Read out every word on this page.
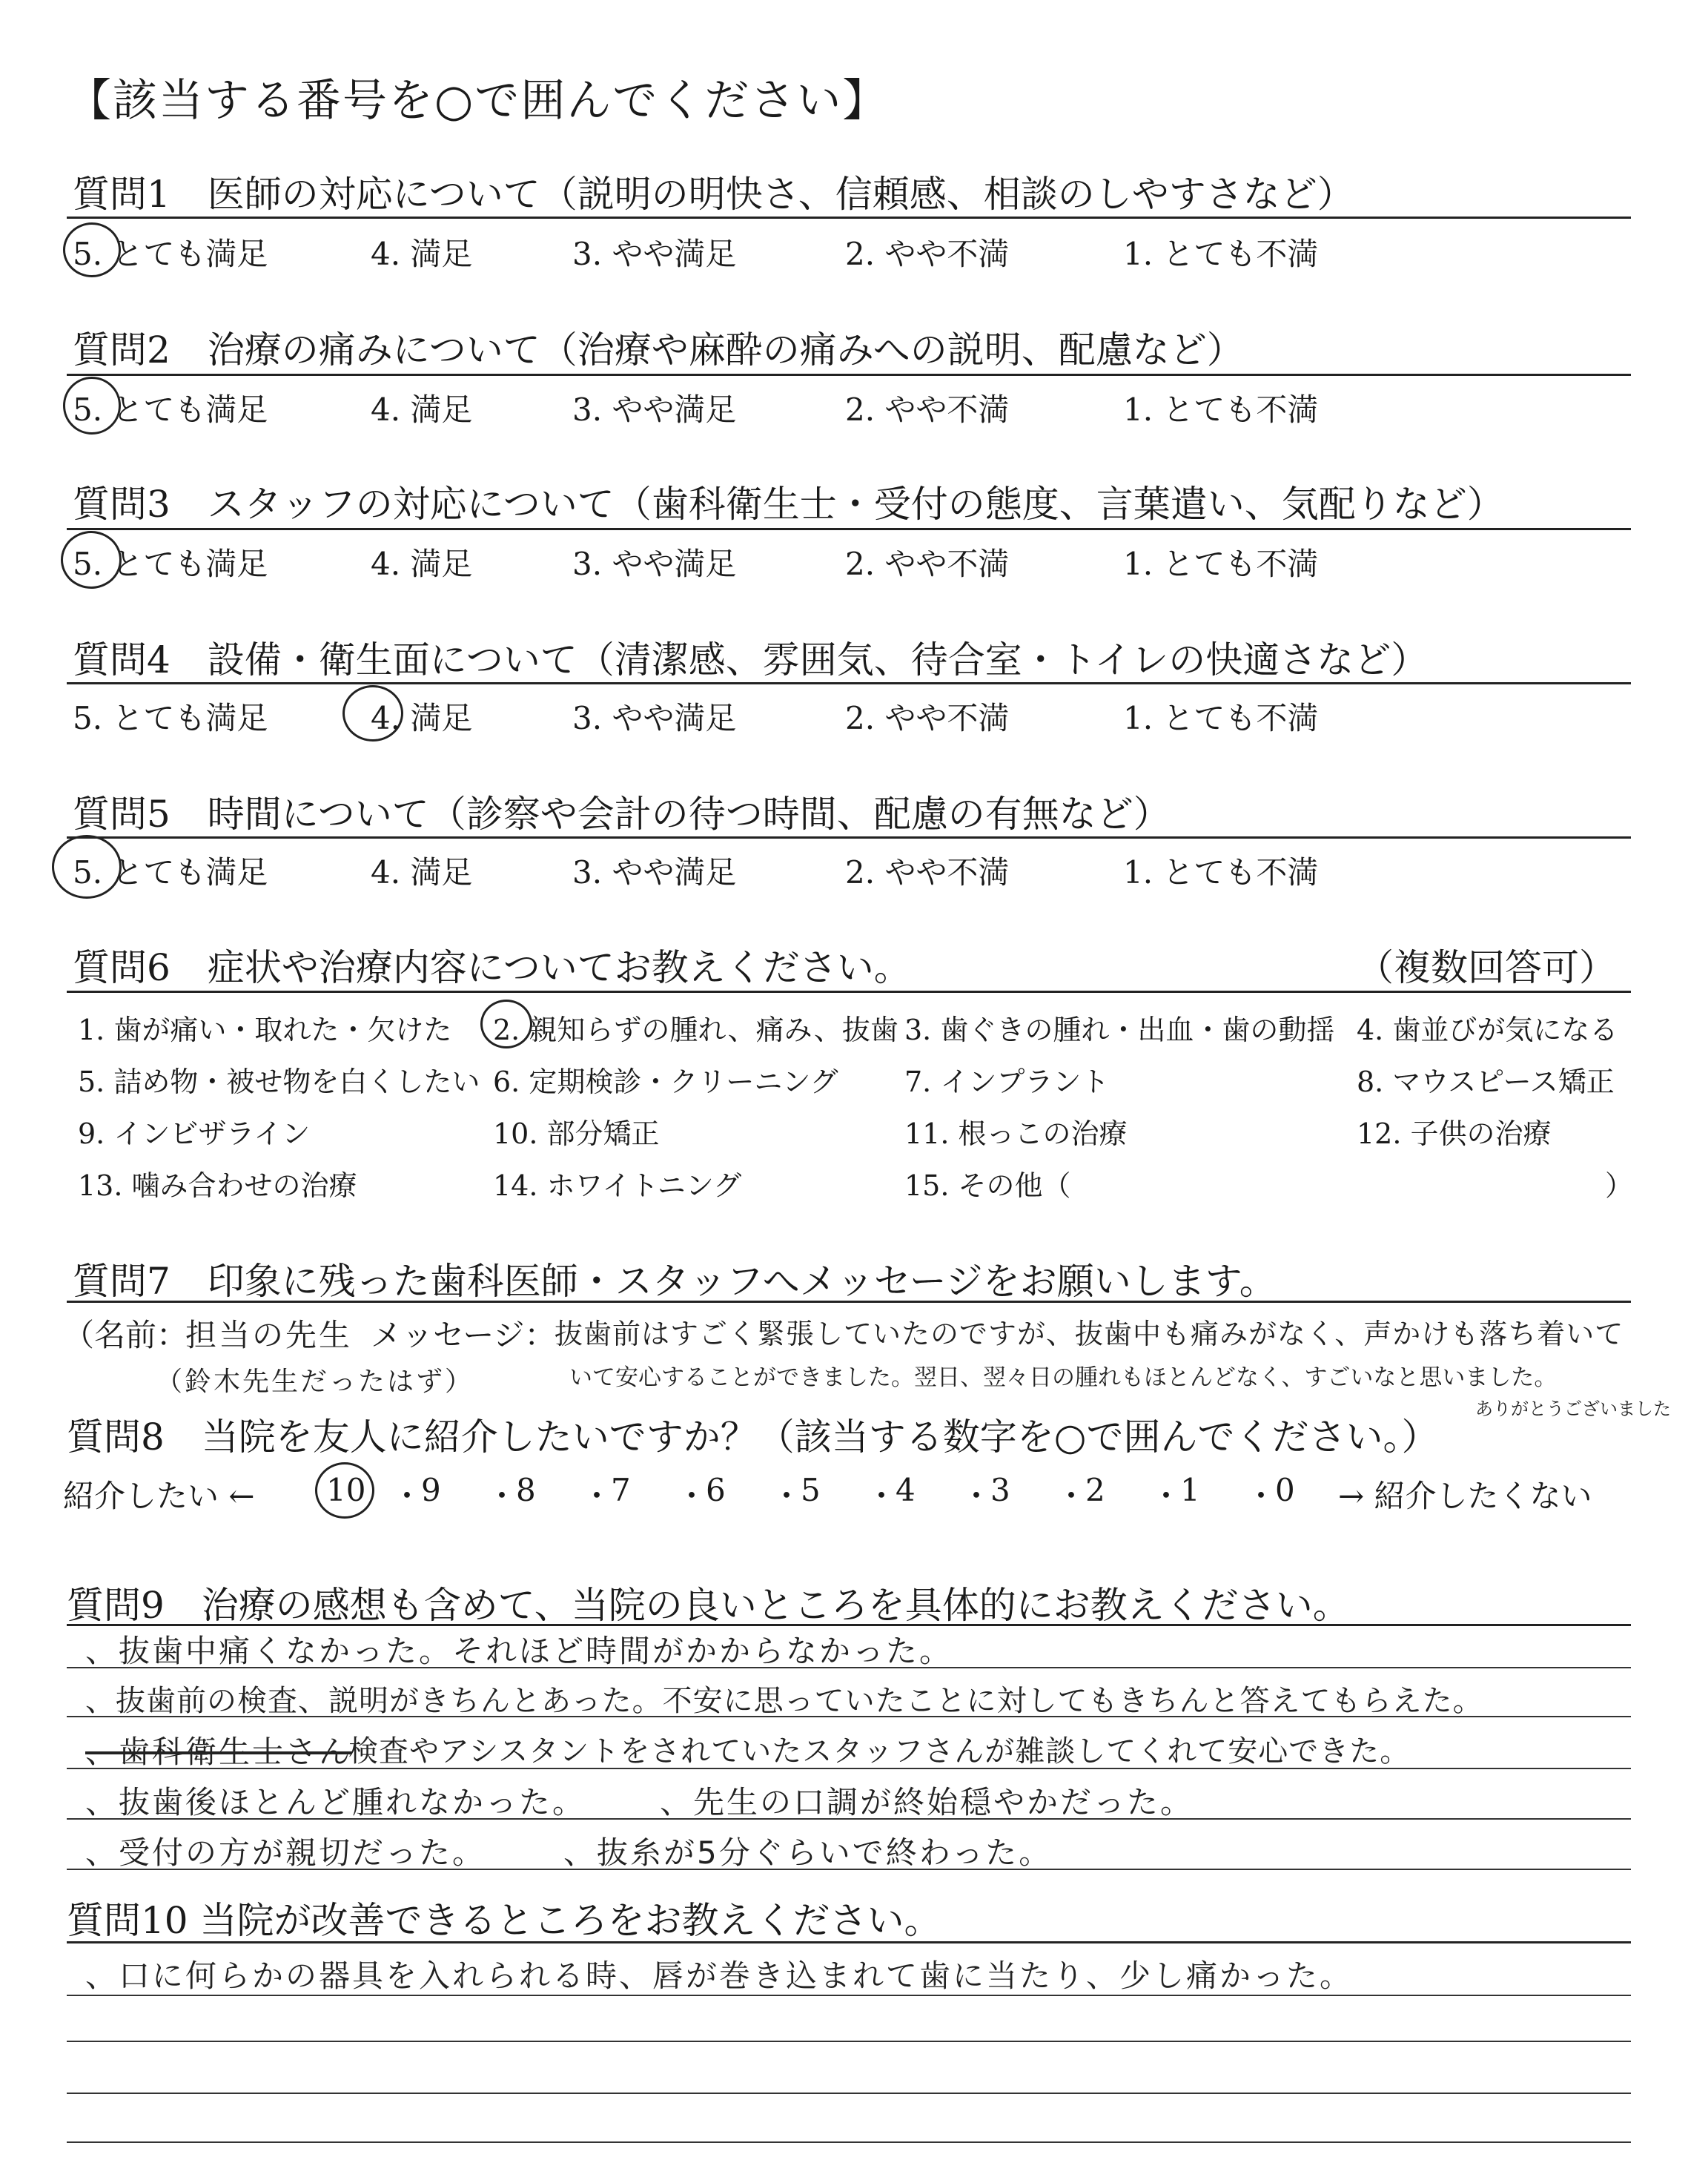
【該当する番号を○で囲んでください】
質問1　医師の対応について（説明の明快さ、信頼感、相談のしやすさなど）
5. とても満足	4. 満足	3. やや満足	2. やや不満	1. とても不満
質問2　治療の痛みについて（治療や麻酔の痛みへの説明、配慮など）
5. とても満足	4. 満足	3. やや満足	2. やや不満	1. とても不満
質問3　スタッフの対応について（歯科衛生士・受付の態度、言葉遣い、気配りなど）
5. とても満足	4. 満足	3. やや満足	2. やや不満	1. とても不満
質問4　設備・衛生面について（清潔感、雰囲気、待合室・トイレの快適さなど）
5. とても満足	4. 満足	3. やや満足	2. やや不満	1. とても不満
質問5　時間について（診察や会計の待つ時間、配慮の有無など）
5. とても満足	4. 満足	3. やや満足	2. やや不満	1. とても不満
質問6　症状や治療内容についてお教えください。	（複数回答可）
1. 歯が痛い・取れた・欠けた 2. 親知らずの腫れ、痛み、抜歯 3. 歯ぐきの腫れ・出血・歯の動揺 4. 歯並びが気になる
5. 詰め物・被せ物を白くしたい 6. 定期検診・クリーニング 7. インプラント	8. マウスピース矯正
9. インビザライン	10. 部分矯正	11. 根っこの治療	12. 子供の治療
13. 噛み合わせの治療	14. ホワイトニング	15. その他（	）
質問7　印象に残った歯科医師・スタッフへメッセージをお願いします。
（名前：
担当の先生
（鈴木先生だったはず）
メッセージ：
抜歯前はすごく緊張していたのですが、抜歯中も痛みがなく、声かけも落ち着いて
いて安心することができました。翌日、翌々日の腫れもほとんどなく、すごいなと思いました。
ありがとうございました
質問8　当院を友人に紹介したいですか？（該当する数字を○で囲んでください。）
紹介したい ← 10 ・
9 ・
8 ・
7 ・
6 ・
5 ・
4 ・
3 ・
2 ・
1 ・
0 → 紹介したくない
質問9　治療の感想も含めて、当院の良いところを具体的にお教えください。
、抜歯中痛くなかった。それほど時間がかからなかった。
、抜歯前の検査、説明がきちんとあった。不安に思っていたことに対してもきちんと答えてもらえた。
、歯科衛生士さん
検査やアシスタントをされていたスタッフさんが雑談してくれて安心できた。
、抜歯後ほとんど腫れなかった。 、先生の口調が終始穏やかだった。
、受付の方が親切だった。 、抜糸が5分ぐらいで終わった。
質問10 当院が改善できるところをお教えください。
、口に何らかの器具を入れられる時、唇が巻き込まれて歯に当たり、少し痛かった。
